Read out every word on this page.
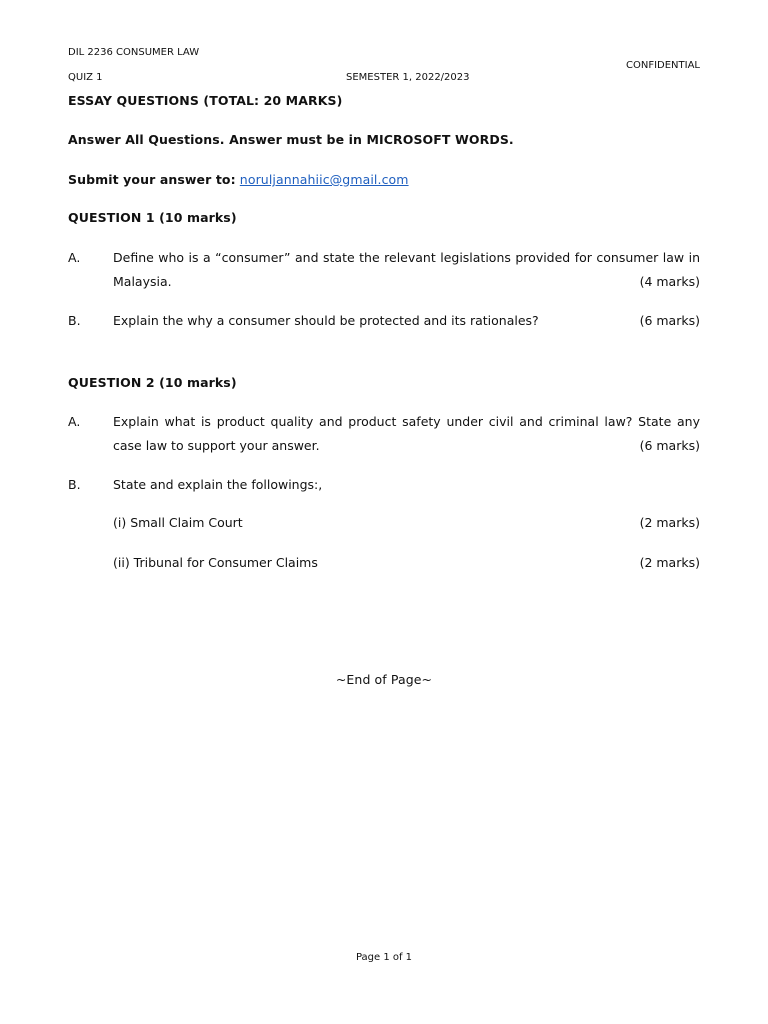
DIL 2236 CONSUMER LAW
CONFIDENTIAL
QUIZ 1	SEMESTER 1, 2022/2023
ESSAY QUESTIONS (TOTAL: 20 MARKS)
Answer All Questions. Answer must be in MICROSOFT WORDS.
Submit your answer to: noruljannahiic@gmail.com
QUESTION 1 (10 marks)
A.	Define who is a “consumer” and state the relevant legislations provided for consumer law in
Malaysia.	(4 marks)
B.	Explain the why a consumer should be protected and its rationales?	(6 marks)
QUESTION 2 (10 marks)
A.	Explain what is product quality and product safety under civil and criminal law? State any
case law to support your answer.	(6 marks)
B.	State and explain the followings:,
(i) Small Claim Court	(2 marks)
(ii) Tribunal for Consumer Claims	(2 marks)
~End of Page~
Page 1 of 1
